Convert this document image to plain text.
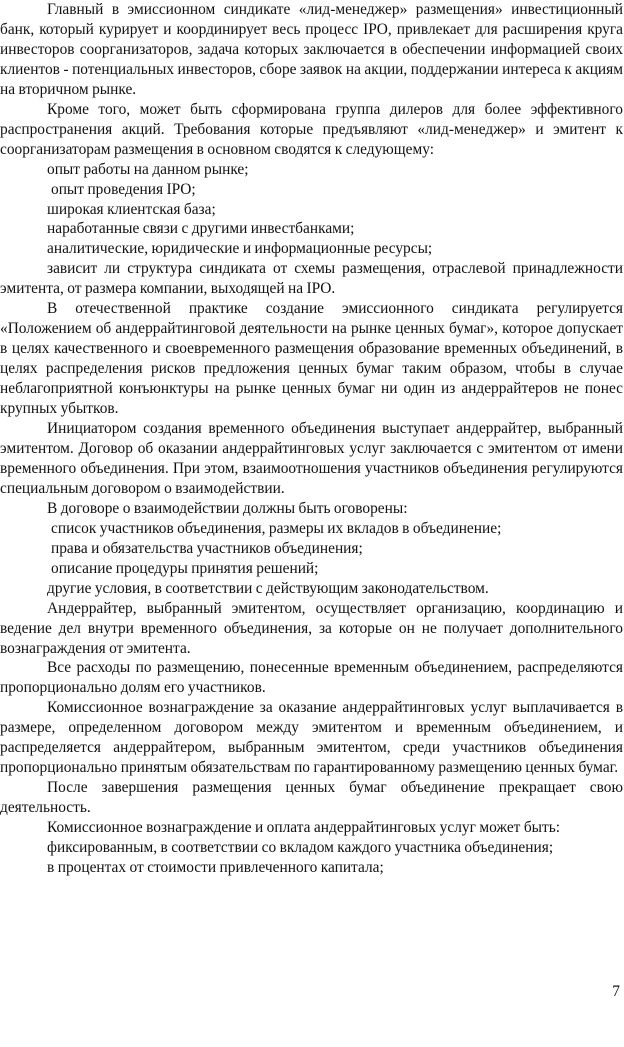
Главный в эмиссионном синдикате «лид-менеджер» размещения» инвестиционный банк, который курирует и координирует весь процесс IPO, привлекает для расширения круга инвесторов соорганизаторов, задача которых заключается в обеспечении информацией своих клиентов - потенциальных инвесторов, сборе заявок на акции, поддержании интереса к акциям на вторичном рынке.

Кроме того, может быть сформирована группа дилеров для более эффективного распространения акций. Требования которые предъявляют «лид-менеджер» и эмитент к соорганизаторам размещения в основном сводятся к следующему:

опыт работы на данном рынке;

опыт проведения IPO;

широкая клиентская база;

наработанные связи с другими инвестбанками;

аналитические, юридические и информационные ресурсы;

зависит ли структура синдиката от схемы размещения, отраслевой принадлежности эмитента, от размера компании, выходящей на IPO.

В отечественной практике создание эмиссионного синдиката регулируется «Положением об андеррайтинговой деятельности на рынке ценных бумаг», которое допускает в целях качественного и своевременного размещения образование временных объединений, в целях распределения рисков предложения ценных бумаг таким образом, чтобы в случае неблагоприятной конъюнктуры на рынке ценных бумаг ни один из андеррайтеров не понес крупных убытков.

Инициатором создания временного объединения выступает андеррайтер, выбранный эмитентом. Договор об оказании андеррайтинговых услуг заключается с эмитентом от имени временного объединения. При этом, взаимоотношения участников объединения регулируются специальным договором о взаимодействии.

В договоре о взаимодействии должны быть оговорены:

список участников объединения, размеры их вкладов в объединение;

права и обязательства участников объединения;

описание процедуры принятия решений;

другие условия, в соответствии с действующим законодательством.

Андеррайтер, выбранный эмитентом, осуществляет организацию, координацию и ведение дел внутри временного объединения, за которые он не получает дополнительного вознаграждения от эмитента.

Все расходы по размещению, понесенные временным объединением, распределяются пропорционально долям его участников.

Комиссионное вознаграждение за оказание андеррайтинговых услуг выплачивается в размере, определенном договором между эмитентом и временным объединением, и распределяется андеррайтером, выбранным эмитентом, среди участников объединения пропорционально принятым обязательствам по гарантированному размещению ценных бумаг.

После завершения размещения ценных бумаг объединение прекращает свою деятельность.

Комиссионное вознаграждение и оплата андеррайтинговых услуг может быть:

фиксированным, в соответствии со вкладом каждого участника объединения;

в процентах от стоимости привлеченного капитала;

7
